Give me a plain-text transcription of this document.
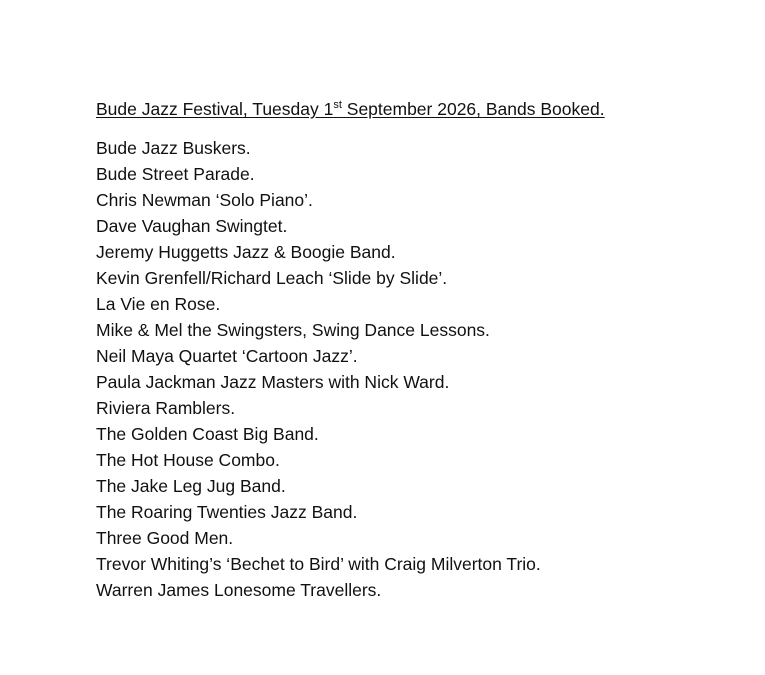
Bude Jazz Festival, Tuesday 1st September 2026, Bands Booked.
Bude Jazz Buskers.
Bude Street Parade.
Chris Newman ‘Solo Piano’.
Dave Vaughan Swingtet.
Jeremy Huggetts Jazz & Boogie Band.
Kevin Grenfell/Richard Leach ‘Slide by Slide’.
La Vie en Rose.
Mike & Mel the Swingsters, Swing Dance Lessons.
Neil Maya Quartet ‘Cartoon Jazz’.
Paula Jackman Jazz Masters with Nick Ward.
Riviera Ramblers.
The Golden Coast Big Band.
The Hot House Combo.
The Jake Leg Jug Band.
The Roaring Twenties Jazz Band.
Three Good Men.
Trevor Whiting’s ‘Bechet to Bird’ with Craig Milverton Trio.
Warren James Lonesome Travellers.
